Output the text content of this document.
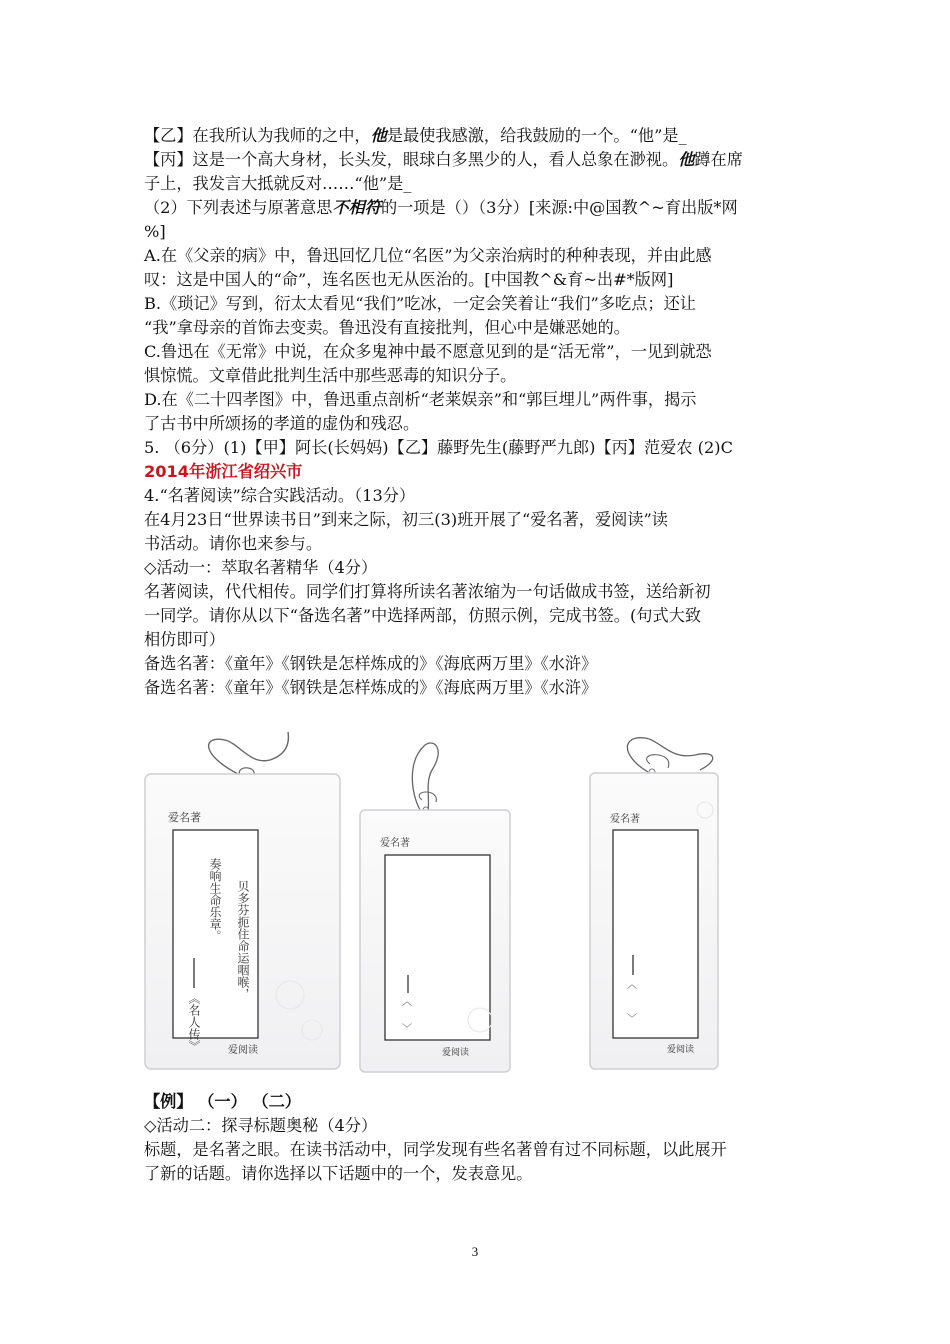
【乙】在我所认为我师的之中，他是最使我感激，给我鼓励的一个。“他”是_

【丙】这是一个高大身材，长头发，眼球白多黑少的人，看人总象在渺视。他蹲在席

子上，我发言大抵就反对……“他”是_

（2）下列表述与原著意思不相符的一项是（）（3分）[来源:中@国教^~育出版*网

%]

A.在《父亲的病》中，鲁迅回忆几位“名医”为父亲治病时的种种表现，并由此感

叹：这是中国人的“命”，连名医也无从医治的。[中国教^&育~出#*版网]

B.《琐记》写到，衍太太看见“我们”吃冰，一定会笑着让“我们”多吃点；还让

“我”拿母亲的首饰去变卖。鲁迅没有直接批判，但心中是嫌恶她的。

C.鲁迅在《无常》中说，在众多鬼神中最不愿意见到的是“活无常”，一见到就恐

惧惊慌。文章借此批判生活中那些恶毒的知识分子。

D.在《二十四孝图》中，鲁迅重点剖析“老莱娱亲”和“郭巨埋儿”两件事，揭示

了古书中所颂扬的孝道的虚伪和残忍。

5. （6分）(1)【甲】阿长(长妈妈)【乙】藤野先生(藤野严九郎)【丙】范爱农 (2)C

2014年浙江省绍兴市

4.“名著阅读”综合实践活动。（13分）

在4月23日“世界读书日”到来之际，初三(3)班开展了“爱名著，爱阅读”读

书活动。请你也来参与。

◇活动一：萃取名著精华（4分）

名著阅读，代代相传。同学们打算将所读名著浓缩为一句话做成书签，送给新初

一同学。请你从以下“备选名著”中选择两部，仿照示例，完成书签。(句式大致

相仿即可）

备选名著：《童年》《钢铁是怎样炼成的》《海底两万里》《水浒》

备选名著：《童年》《钢铁是怎样炼成的》《海底两万里》《水浒》

爱名著
贝多芬扼住命运咽喉，
奏响生命乐章。
《名人传》	爱阅读
爱名著
︿
﹀
爱阅读
爱名著
︿
﹀
爱阅读

【例】 （一） （二）

◇活动二：探寻标题奥秘（4分）

标题，是名著之眼。在读书活动中，同学发现有些名著曾有过不同标题，以此展开

了新的话题。请你选择以下话题中的一个，发表意见。

3
